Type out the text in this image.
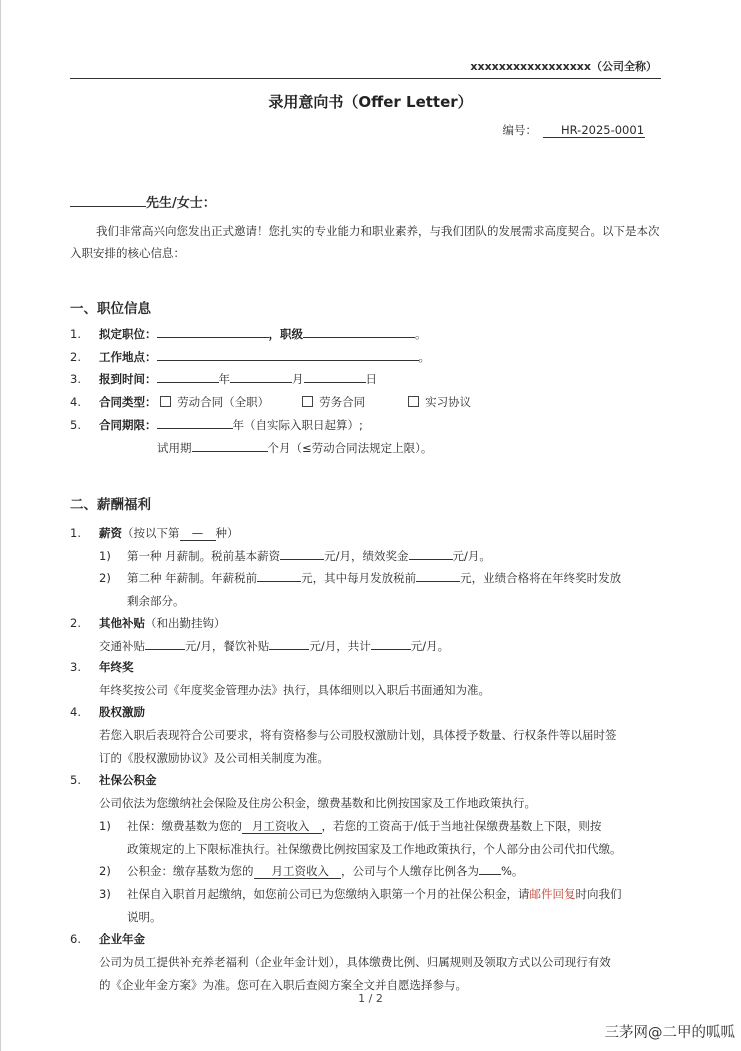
xxxxxxxxxxxxxxxxx（公司全称）
录用意向书（Offer Letter）
编号： HR-2025-0001
先生/女士：
我们非常高兴向您发出正式邀请！您扎实的专业能力和职业素养，与我们团队的发展需求高度契合。以下是本次入职安排的核心信息：
一、职位信息
1. 拟定职位：	，职级	。
2. 工作地点：	。
3. 报到时间：	年	月	日
4. 合同类型： 劳动合同（全职）	劳务合同	实习协议
5. 合同期限：	年（自实际入职日起算）;
试用期	个月（≤劳动合同法规定上限）。
二、薪酬福利
1. 薪资（按以下第 — 种）
1) 第一种 月薪制。税前基本薪资	元/月，绩效奖金	元/月。
2) 第二种 年薪制。年薪税前	元，其中每月发放税前	元，业绩合格将在年终奖时发放
剩余部分。
2. 其他补贴（和出勤挂钩）
交通补贴	元/月，餐饮补贴	元/月，共计	元/月。
3. 年终奖
年终奖按公司《年度奖金管理办法》执行，具体细则以入职后书面通知为准。
4. 股权激励
若您入职后表现符合公司要求，将有资格参与公司股权激励计划，具体授予数量、行权条件等以届时签
订的《股权激励协议》及公司相关制度为准。
5. 社保公积金
公司依法为您缴纳社会保险及住房公积金，缴费基数和比例按国家及工作地政策执行。
1) 社保：缴费基数为您的 月工资收入 ，若您的工资高于/低于当地社保缴费基数上下限，则按
政策规定的上下限标准执行。社保缴费比例按国家及工作地政策执行，个人部分由公司代扣代缴。
2) 公积金：缴存基数为您的 月工资收入 ，公司与个人缴存比例各为 %。
3) 社保自入职首月起缴纳，如您前公司已为您缴纳入职第一个月的社保公积金，请邮件回复时向我们
说明。
6. 企业年金
公司为员工提供补充养老福利（企业年金计划），具体缴费比例、归属规则及领取方式以公司现行有效
的《企业年金方案》为准。您可在入职后查阅方案全文并自愿选择参与。
1 / 2
三茅网@二甲的呱呱
